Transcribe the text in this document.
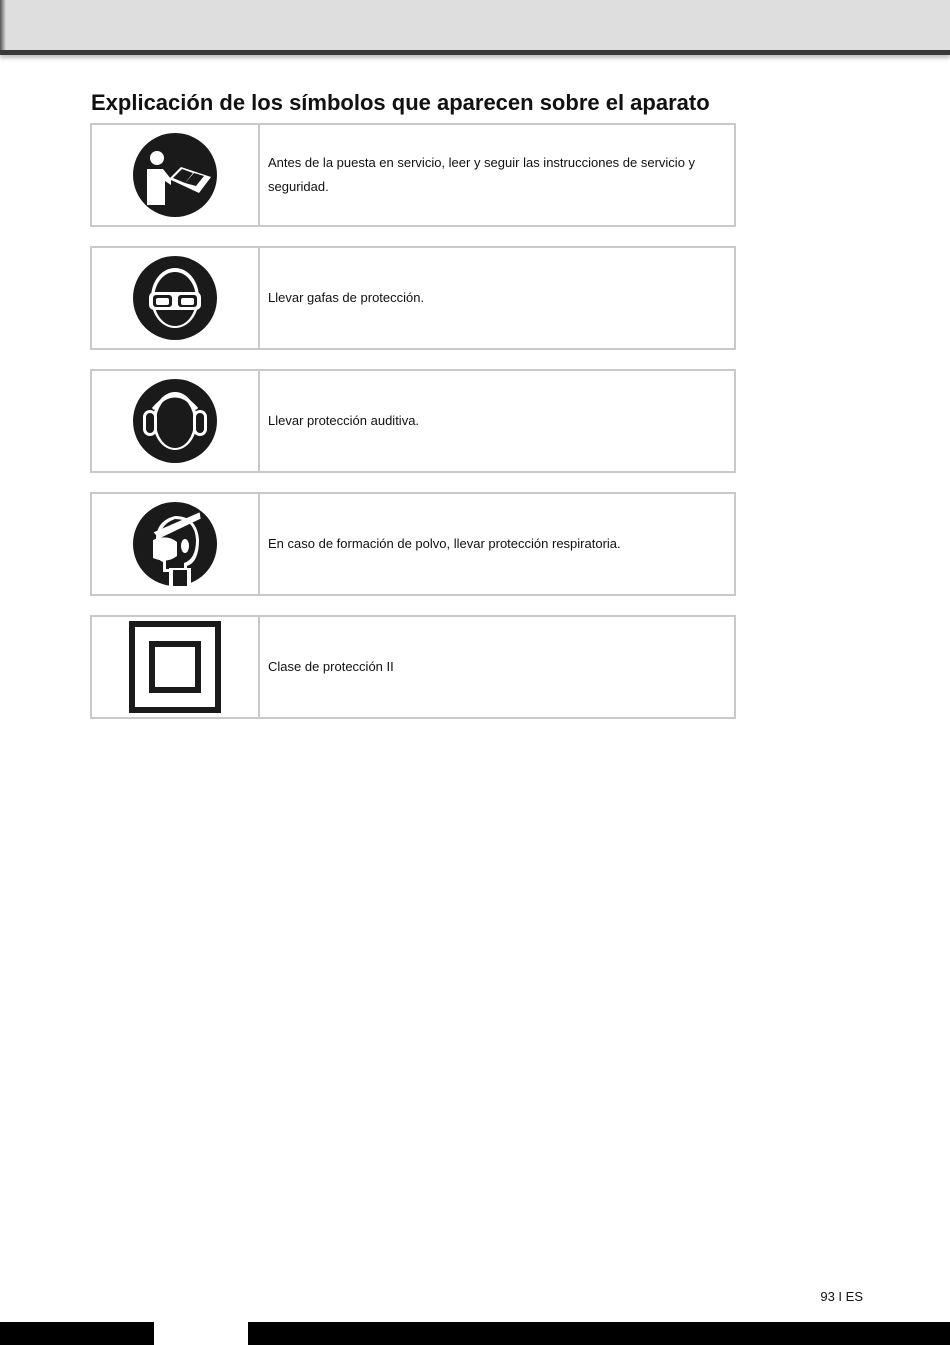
Explicación de los símbolos que aparecen sobre el aparato
Antes de la puesta en servicio, leer y seguir las instrucciones de servicio y seguridad.
Llevar gafas de protección.
Llevar protección auditiva.
En caso de formación de polvo, llevar protección respiratoria.
Clase de protección II
93 I ES
